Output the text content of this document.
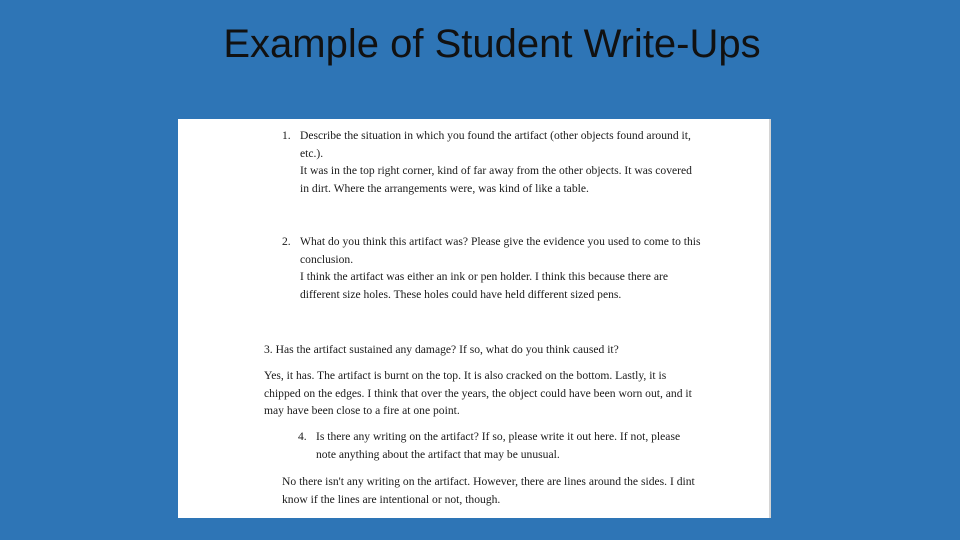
Example of Student Write-Ups
1. Describe the situation in which you found the artifact (other objects found around it, etc.).
It was in the top right corner, kind of far away from the other objects. It was covered in dirt. Where the arrangements were, was kind of like a table.
2. What do you think this artifact was? Please give the evidence you used to come to this conclusion.
I think the artifact was either an ink or pen holder. I think this because there are different size holes. These holes could have held different sized pens.
3. Has the artifact sustained any damage? If so, what do you think caused it?
Yes, it has. The artifact is burnt on the top. It is also cracked on the bottom. Lastly, it is chipped on the edges. I think that over the years, the object could have been worn out, and it may have been close to a fire at one point.
4. Is there any writing on the artifact? If so, please write it out here. If not, please note anything about the artifact that may be unusual.
No there isn't any writing on the artifact. However, there are lines around the sides. I dint know if the lines are intentional or not, though.
